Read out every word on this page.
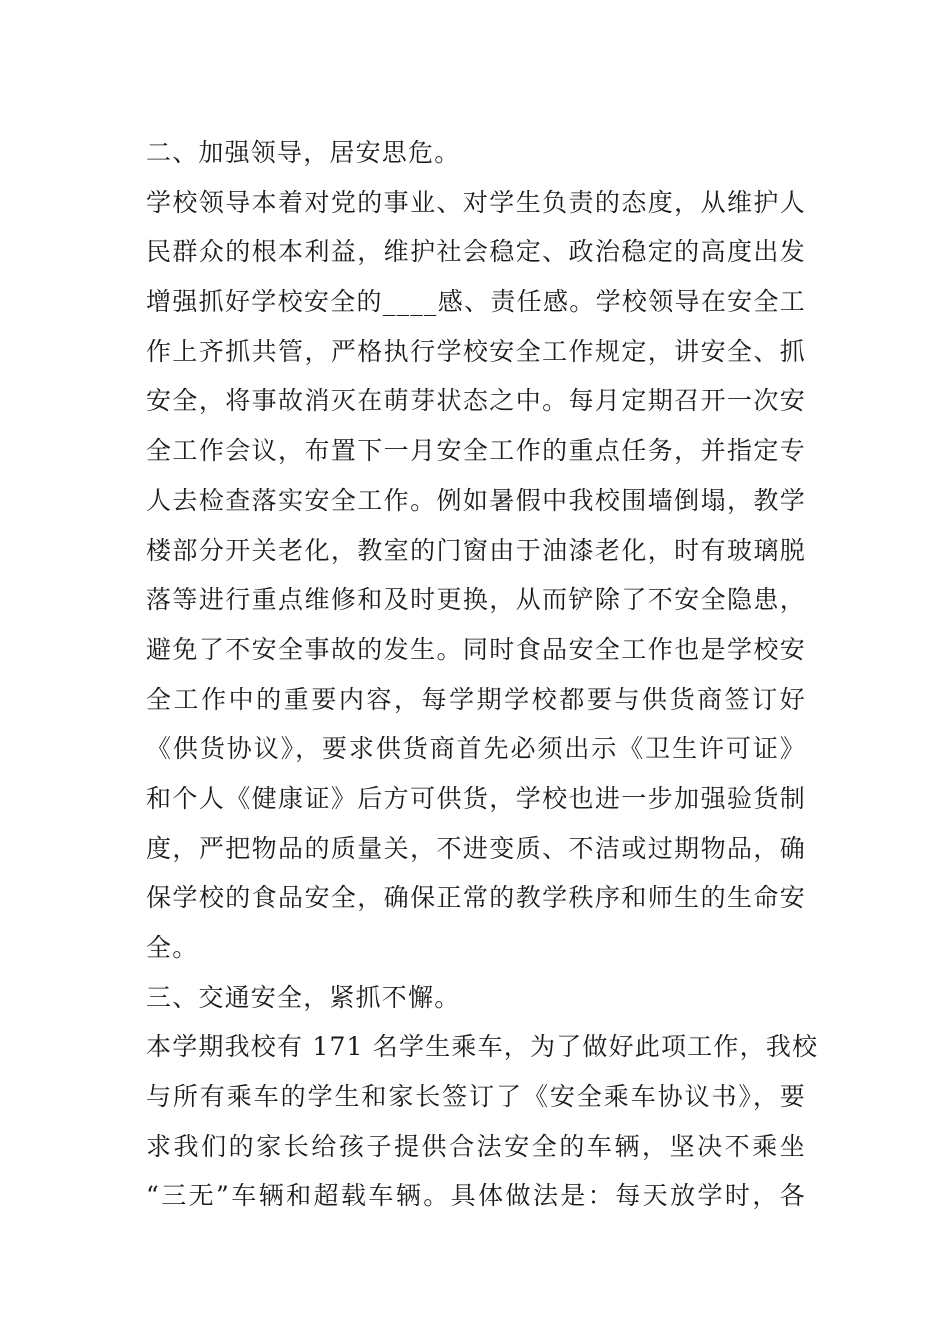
二、加强领导，居安思危。
学校领导本着对党的事业、对学生负责的态度，从维护人
民群众的根本利益，维护社会稳定、政治稳定的高度出发
增强抓好学校安全的____感、责任感。学校领导在安全工
作上齐抓共管，严格执行学校安全工作规定，讲安全、抓
安全，将事故消灭在萌芽状态之中。每月定期召开一次安
全工作会议，布置下一月安全工作的重点任务，并指定专
人去检查落实安全工作。例如暑假中我校围墙倒塌，教学
楼部分开关老化，教室的门窗由于油漆老化，时有玻璃脱
落等进行重点维修和及时更换，从而铲除了不安全隐患，
避免了不安全事故的发生。同时食品安全工作也是学校安
全工作中的重要内容，每学期学校都要与供货商签订好
《供货协议》，要求供货商首先必须出示《卫生许可证》
和个人《健康证》后方可供货，学校也进一步加强验货制
度，严把物品的质量关，不进变质、不洁或过期物品，确
保学校的食品安全，确保正常的教学秩序和师生的生命安
全。
三、交通安全，紧抓不懈。
本学期我校有 171 名学生乘车，为了做好此项工作，我校
与所有乘车的学生和家长签订了《安全乘车协议书》，要
求我们的家长给孩子提供合法安全的车辆，坚决不乘坐
“三无”车辆和超载车辆。具体做法是：每天放学时，各
